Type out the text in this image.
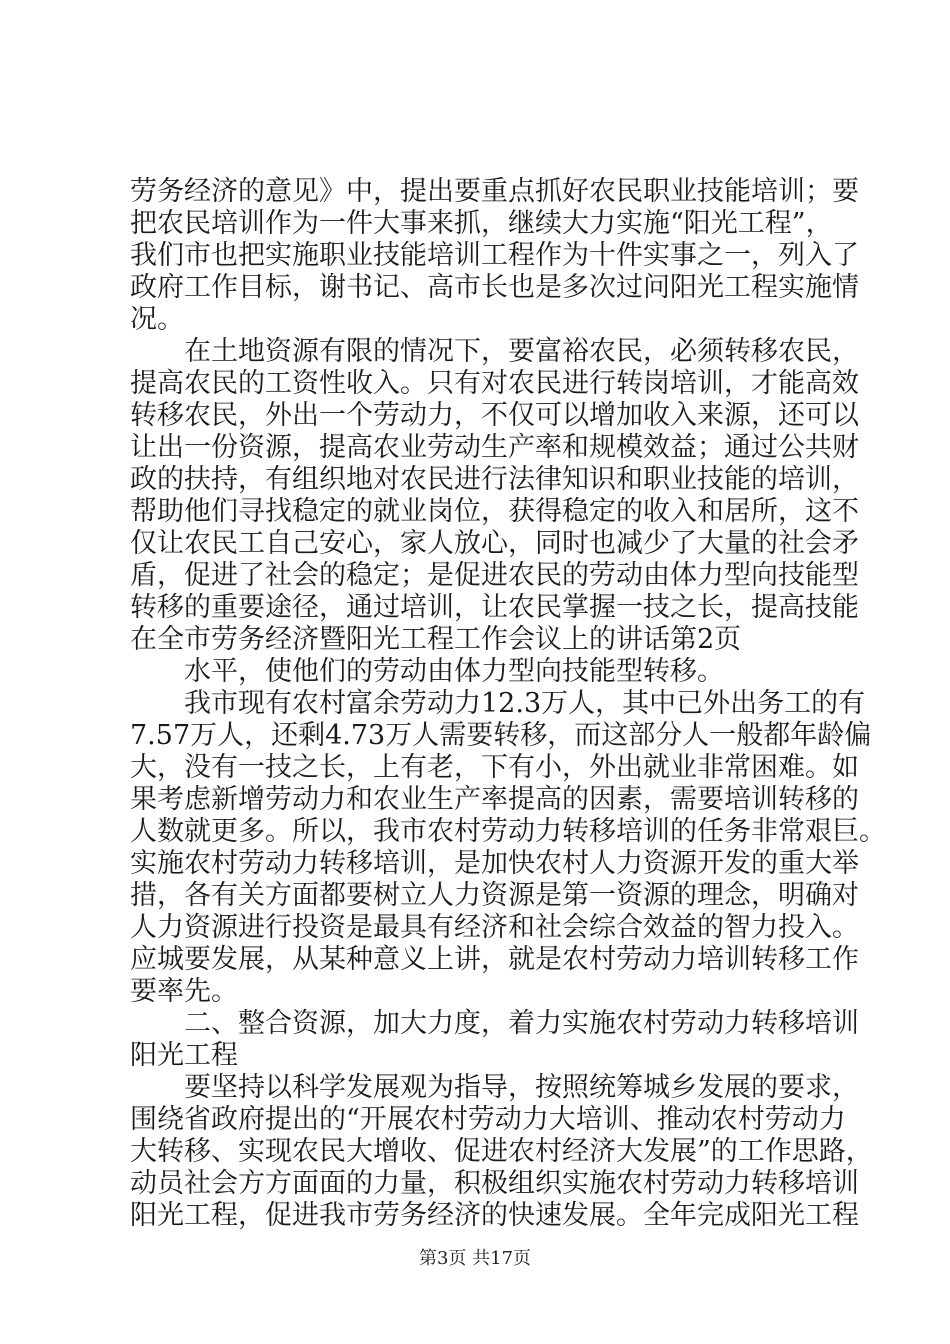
劳务经济的意见》中，提出要重点抓好农民职业技能培训；要
把农民培训作为一件大事来抓，继续大力实施“阳光工程”，
我们市也把实施职业技能培训工程作为十件实事之一，列入了
政府工作目标，谢书记、高市长也是多次过问阳光工程实施情
况。
　　在土地资源有限的情况下，要富裕农民，必须转移农民，
提高农民的工资性收入。只有对农民进行转岗培训，才能高效
转移农民，外出一个劳动力，不仅可以增加收入来源，还可以
让出一份资源，提高农业劳动生产率和规模效益；通过公共财
政的扶持，有组织地对农民进行法律知识和职业技能的培训，
帮助他们寻找稳定的就业岗位，获得稳定的收入和居所，这不
仅让农民工自己安心，家人放心，同时也减少了大量的社会矛
盾，促进了社会的稳定；是促进农民的劳动由体力型向技能型
转移的重要途径，通过培训，让农民掌握一技之长，提高技能
在全市劳务经济暨阳光工程工作会议上的讲话第2页
　　水平，使他们的劳动由体力型向技能型转移。
　　我市现有农村富余劳动力12.3万人，其中已外出务工的有
7.57万人，还剩4.73万人需要转移，而这部分人一般都年龄偏
大，没有一技之长，上有老，下有小，外出就业非常困难。如
果考虑新增劳动力和农业生产率提高的因素，需要培训转移的
人数就更多。所以，我市农村劳动力转移培训的任务非常艰巨。
实施农村劳动力转移培训，是加快农村人力资源开发的重大举
措，各有关方面都要树立人力资源是第一资源的理念，明确对
人力资源进行投资是最具有经济和社会综合效益的智力投入。
应城要发展，从某种意义上讲，就是农村劳动力培训转移工作
要率先。
　　二、整合资源，加大力度，着力实施农村劳动力转移培训
阳光工程
　　要坚持以科学发展观为指导，按照统筹城乡发展的要求，
围绕省政府提出的“开展农村劳动力大培训、推动农村劳动力
大转移、实现农民大增收、促进农村经济大发展”的工作思路，
动员社会方方面面的力量，积极组织实施农村劳动力转移培训
阳光工程，促进我市劳务经济的快速发展。全年完成阳光工程
第3页 共17页
